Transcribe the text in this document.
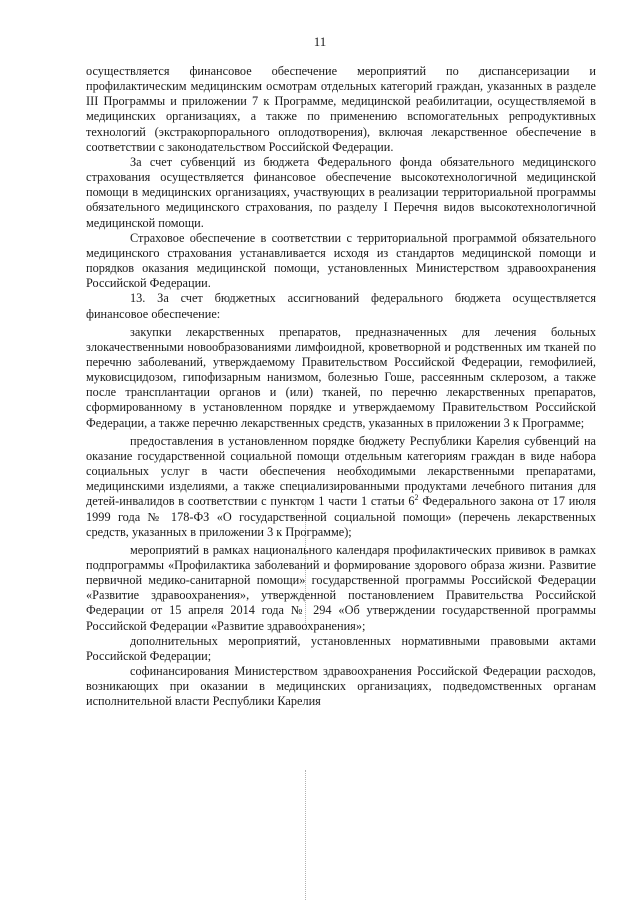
11

осуществляется финансовое обеспечение мероприятий по диспансеризации и профилактическим медицинским осмотрам отдельных категорий граждан, указанных в разделе III Программы и приложении 7 к Программе, медицинской реабилитации, осуществляемой в медицинских организациях, а также по применению вспомогательных репродуктивных технологий (экстракорпорального оплодотворения), включая лекарственное обеспечение в соответствии с законодательством Российской Федерации.

За счет субвенций из бюджета Федерального фонда обязательного медицинского страхования осуществляется финансовое обеспечение высокотехнологичной медицинской помощи в медицинских организациях, участвующих в реализации территориальной программы обязательного медицинского страхования, по разделу I Перечня видов высокотехнологичной медицинской помощи.

Страховое обеспечение в соответствии с территориальной программой обязательного медицинского страхования устанавливается исходя из стандартов медицинской помощи и порядков оказания медицинской помощи, установленных Министерством здравоохранения Российской Федерации.

13. За счет бюджетных ассигнований федерального бюджета осуществляется финансовое обеспечение:

закупки лекарственных препаратов, предназначенных для лечения больных злокачественными новообразованиями лимфоидной, кроветворной и родственных им тканей по перечню заболеваний, утверждаемому Правительством Российской Федерации, гемофилией, муковисцидозом, гипофизарным нанизмом, болезнью Гоше, рассеянным склерозом, а также после трансплантации органов и (или) тканей, по перечню лекарственных препаратов, сформированному в установленном порядке и утверждаемому Правительством Российской Федерации, а также перечню лекарственных средств, указанных в приложении 3 к Программе;

предоставления в установленном порядке бюджету Республики Карелия субвенций на оказание государственной социальной помощи отдельным категориям граждан в виде набора социальных услуг в части обеспечения необходимыми лекарственными препаратами, медицинскими изделиями, а также специализированными продуктами лечебного питания для детей-инвалидов в соответствии с пунктом 1 части 1 статьи $6^2$ Федерального закона от 17 июля 1999 года № 178-ФЗ «О государственной социальной помощи» (перечень лекарственных средств, указанных в приложении 3 к Программе);

мероприятий в рамках национального календаря профилактических прививок в рамках подпрограммы «Профилактика заболеваний и формирование здорового образа жизни. Развитие первичной медико-санитарной помощи» государственной программы Российской Федерации «Развитие здравоохранения», утвержденной постановлением Правительства Российской Федерации от 15 апреля 2014 года № 294 «Об утверждении государственной программы Российской Федерации «Развитие здравоохранения»;

дополнительных мероприятий, установленных нормативными правовыми актами Российской Федерации;

софинансирования Министерством здравоохранения Российской Федерации расходов, возникающих при оказании в медицинских организациях, подведомственных органам исполнительной власти Республики Карелия
